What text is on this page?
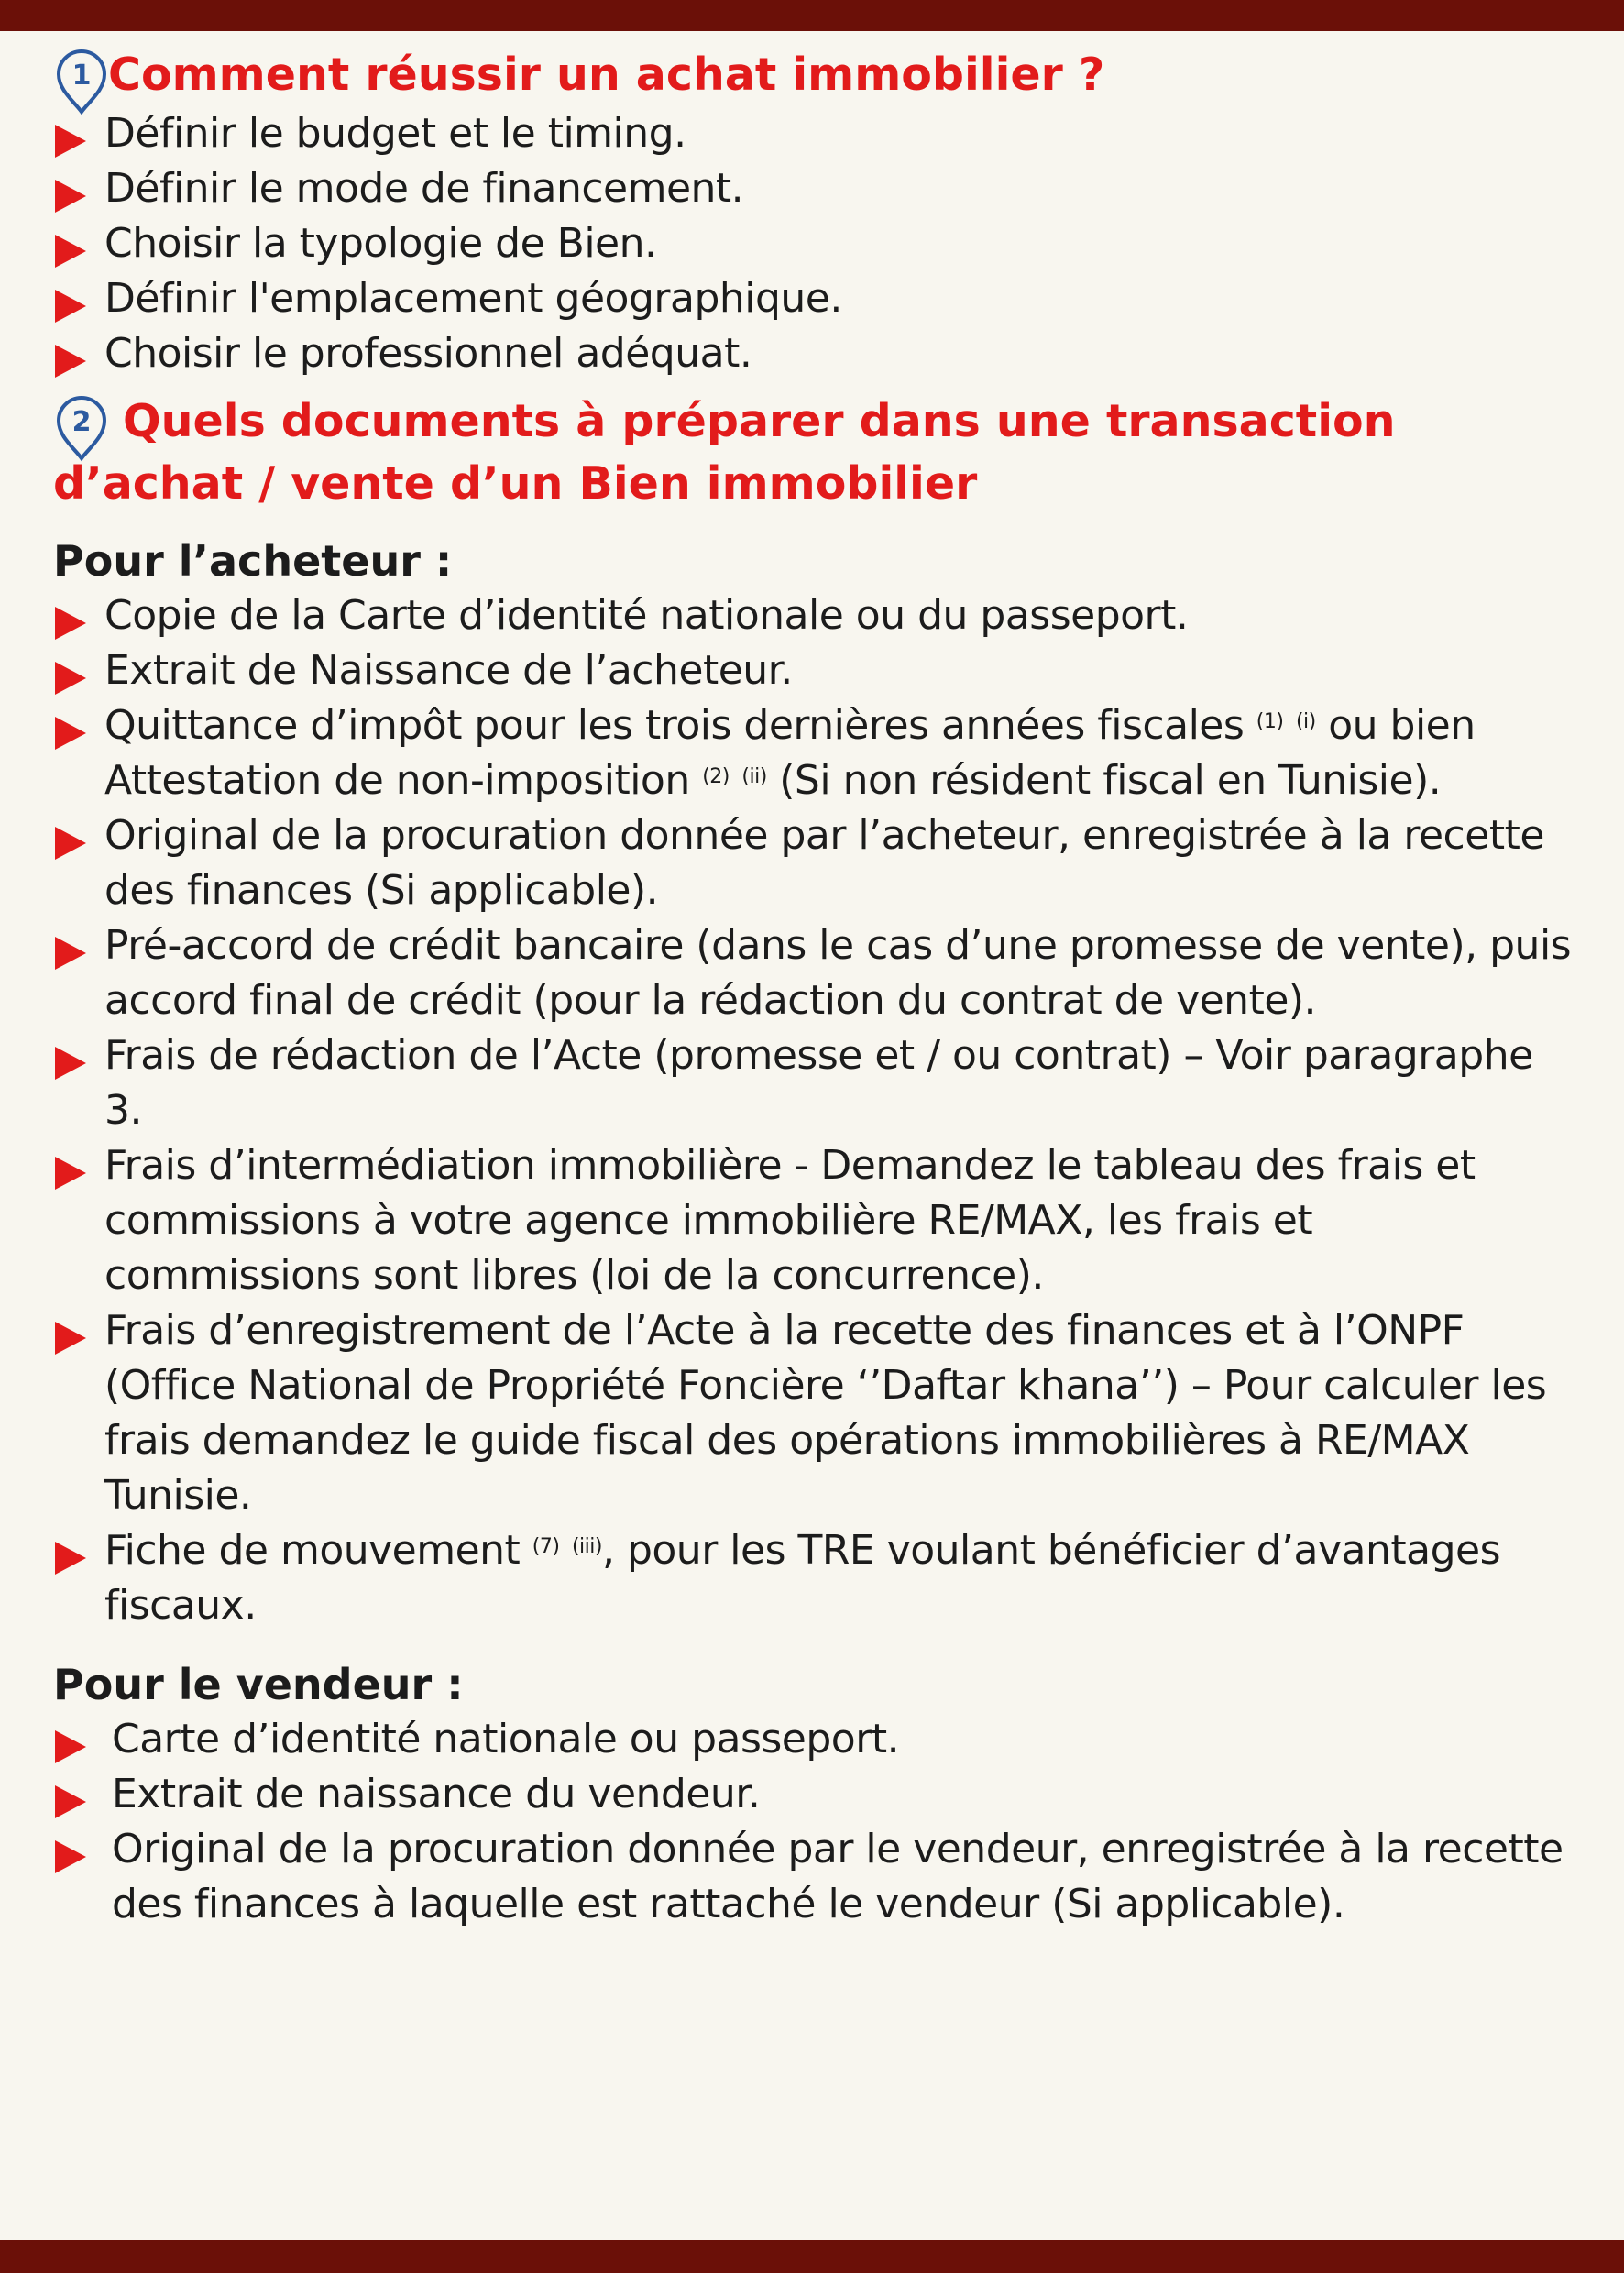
1 Comment réussir un achat immobilier ?
Définir le budget et le timing.
Définir le mode de financement.
Choisir la typologie de Bien.
Définir l'emplacement géographique.
Choisir le professionnel adéquat.
2 Quels documents à préparer dans une transaction d’achat / vente d’un Bien immobilier

Pour l’acheteur :

Copie de la Carte d’identité nationale ou du passeport.
Extrait de Naissance de l’acheteur.
Quittance d’impôt pour les trois dernières années fiscales $^{(1)}$ $^{(i)}$ ou bien Attestation de non-imposition $^{(2)}$ $^{(ii)}$ (Si non résident fiscal en Tunisie).
Original de la procuration donnée par l’acheteur, enregistrée à la recette des finances (Si applicable).
Pré-accord de crédit bancaire (dans le cas d’une promesse de vente), puis accord final de crédit (pour la rédaction du contrat de vente).
Frais de rédaction de l’Acte (promesse et / ou contrat) – Voir paragraphe 3.
Frais d’intermédiation immobilière - Demandez le tableau des frais et commissions à votre agence immobilière RE/MAX, les frais et commissions sont libres (loi de la concurrence).
Frais d’enregistrement de l’Acte à la recette des finances et à l’ONPF (Office National de Propriété Foncière ‘’Daftar khana’’) – Pour calculer les frais demandez le guide fiscal des opérations immobilières à RE/MAX Tunisie.
Fiche de mouvement $^{(7)}$ $^{(iii)}$, pour les TRE voulant bénéficier d’avantages fiscaux.

Pour le vendeur :

Carte d’identité nationale ou passeport.
Extrait de naissance du vendeur.
Original de la procuration donnée par le vendeur, enregistrée à la recette des finances à laquelle est rattaché le vendeur (Si applicable).
